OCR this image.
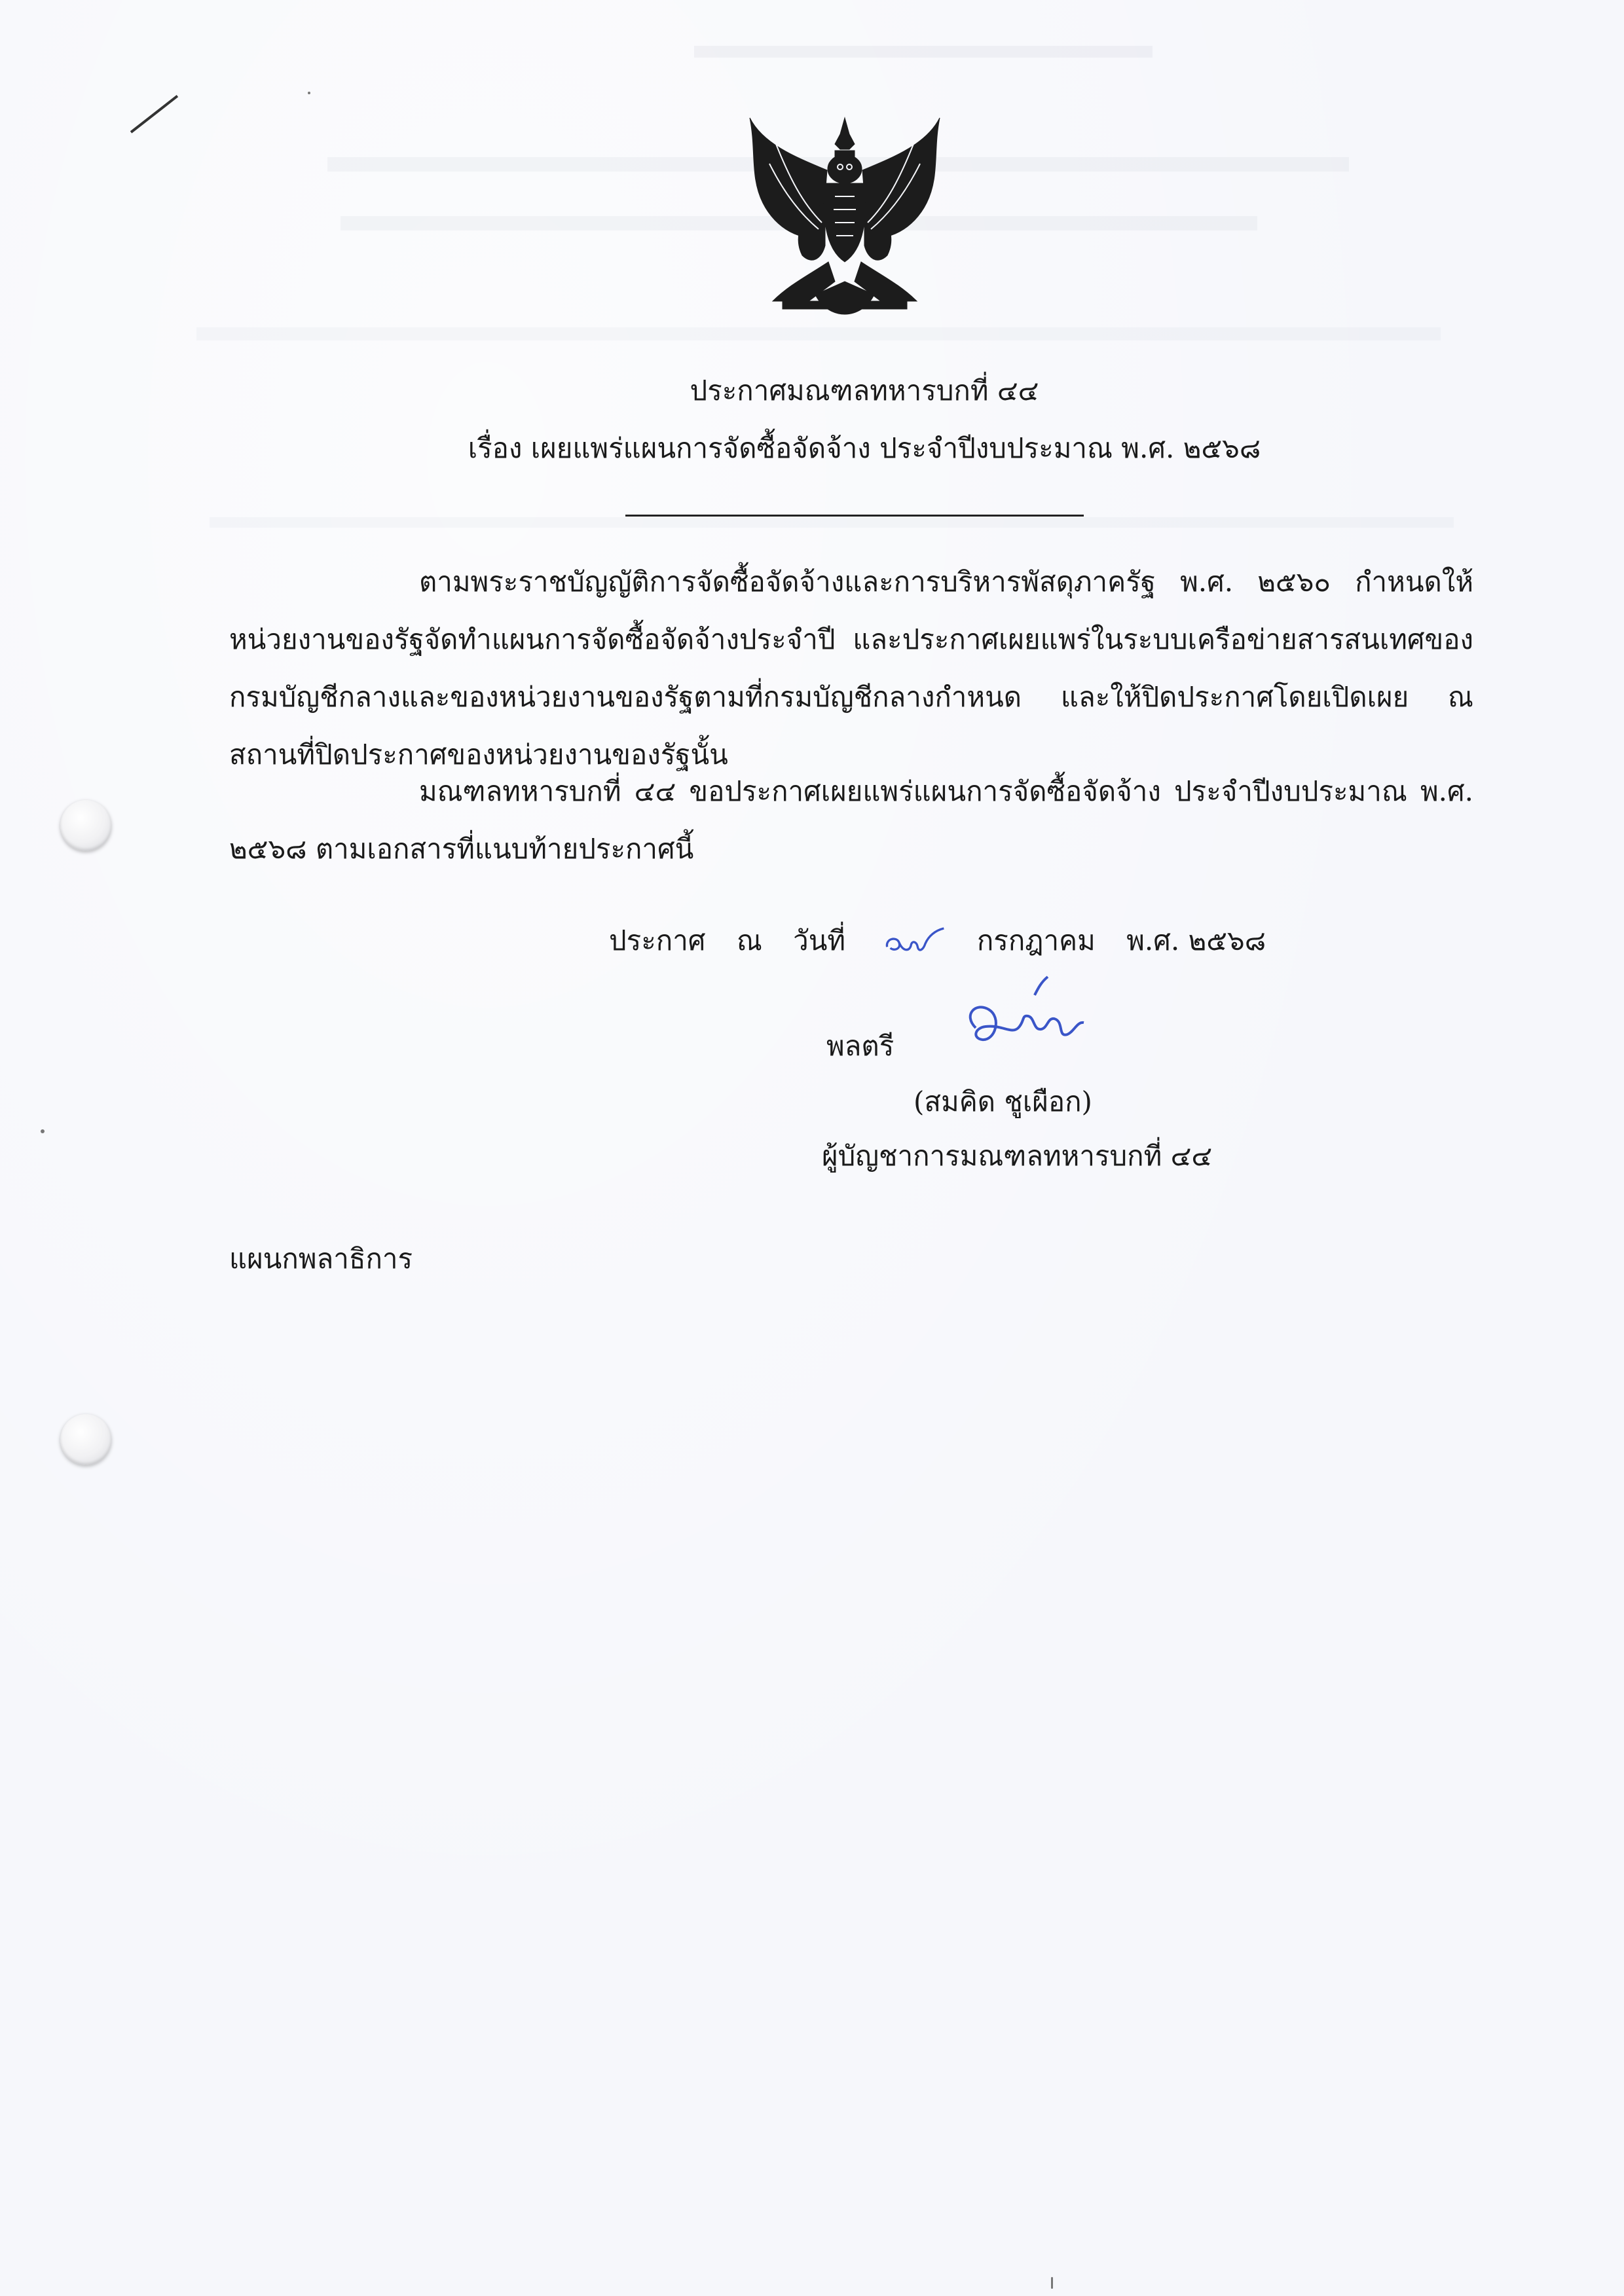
ประกาศมณฑลทหารบกที่ ๔๔
เรื่อง เผยแพร่แผนการจัดซื้อจัดจ้าง ประจำปีงบประมาณ พ.ศ. ๒๕๖๘
ตามพระราชบัญญัติการจัดซื้อจัดจ้างและการบริหารพัสดุภาครัฐ พ.ศ. ๒๕๖๐ กำหนดให้หน่วยงานของรัฐจัดทำแผนการจัดซื้อจัดจ้างประจำปี และประกาศเผยแพร่ในระบบเครือข่ายสารสนเทศของกรมบัญชีกลางและของหน่วยงานของรัฐตามที่กรมบัญชีกลางกำหนด และให้ปิดประกาศโดยเปิดเผย ณ สถานที่ปิดประกาศของหน่วยงานของรัฐนั้น
มณฑลทหารบกที่ ๔๔ ขอประกาศเผยแพร่แผนการจัดซื้อจัดจ้าง ประจำปีงบประมาณ พ.ศ. ๒๕๖๘ ตามเอกสารที่แนบท้ายประกาศนี้
ประกาศ ณ วันที่	กรกฎาคม พ.ศ. ๒๕๖๘
พลตรี
(สมคิด ชูเผือก)
ผู้บัญชาการมณฑลทหารบกที่ ๔๔
แผนกพลาธิการ
